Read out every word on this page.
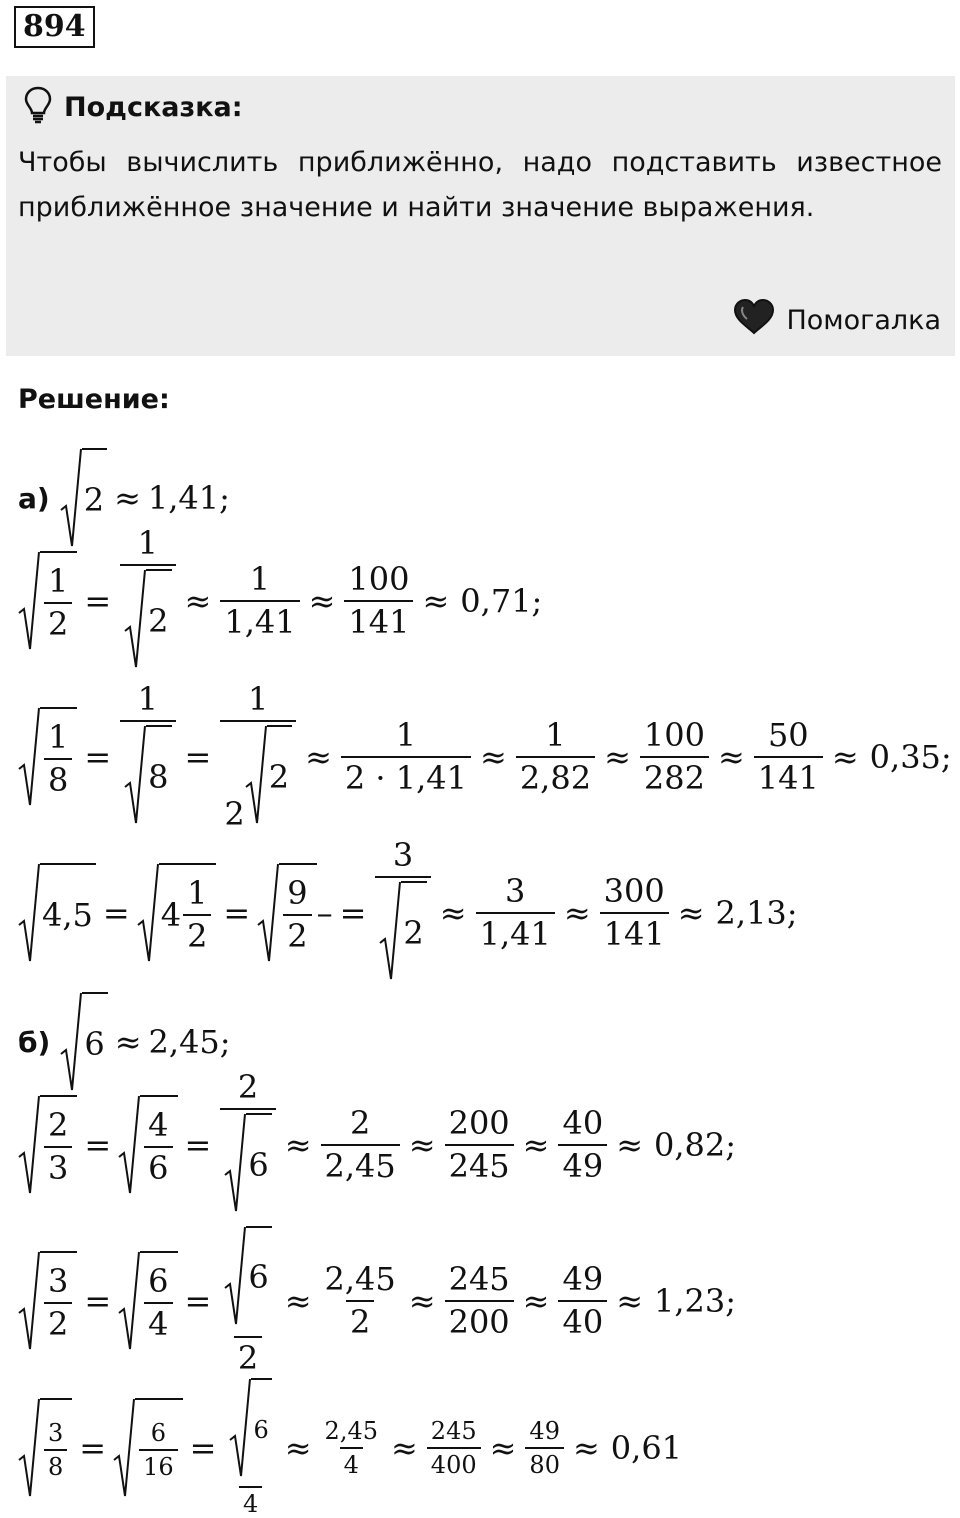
894
Подсказка:
Чтобы вычислить приближённо, надо подставить известное приближённое значение и найти значение выражения.
Помогалка
Решение:
а) 2 ≈ 1,41;
$\frac{1}{2} = \frac{1}{2} \approx \frac{1}{1,41} \approx \frac{100}{141} \approx 0,71$;
$\frac{1}{8} = \frac{1}{8} = 1$
2
$2 \approx \frac{1}{2 \cdot 1,41} \approx \frac{1}{2,82} \approx \frac{100}{282} \approx \frac{50}{141} \approx 0,35$;
$4,5 = 4 \frac{1}{2} = \frac{9}{2}$ – = $\frac{3}{2} \approx \frac{3}{1,41} \approx \frac{300}{141} \approx 2,13$;
б) 6 ≈ 2,45;
$\frac{2}{3} = \frac{4}{6} = \frac{2}{6} \approx \frac{2}{2,45} \approx \frac{200}{245} \approx \frac{40}{49} \approx 0,82$;
$\frac{3}{2} = \frac{6}{4} = \frac{6}{2} \approx \frac{2,45}{2} \approx \frac{245}{200} \approx \frac{49}{40} \approx 1,23$;
$\frac{3}{8} = \frac{6}{16} = \frac{6}{4} \approx \frac{2,45}{4} \approx \frac{245}{400} \approx \frac{49}{80} \approx 0,61$
